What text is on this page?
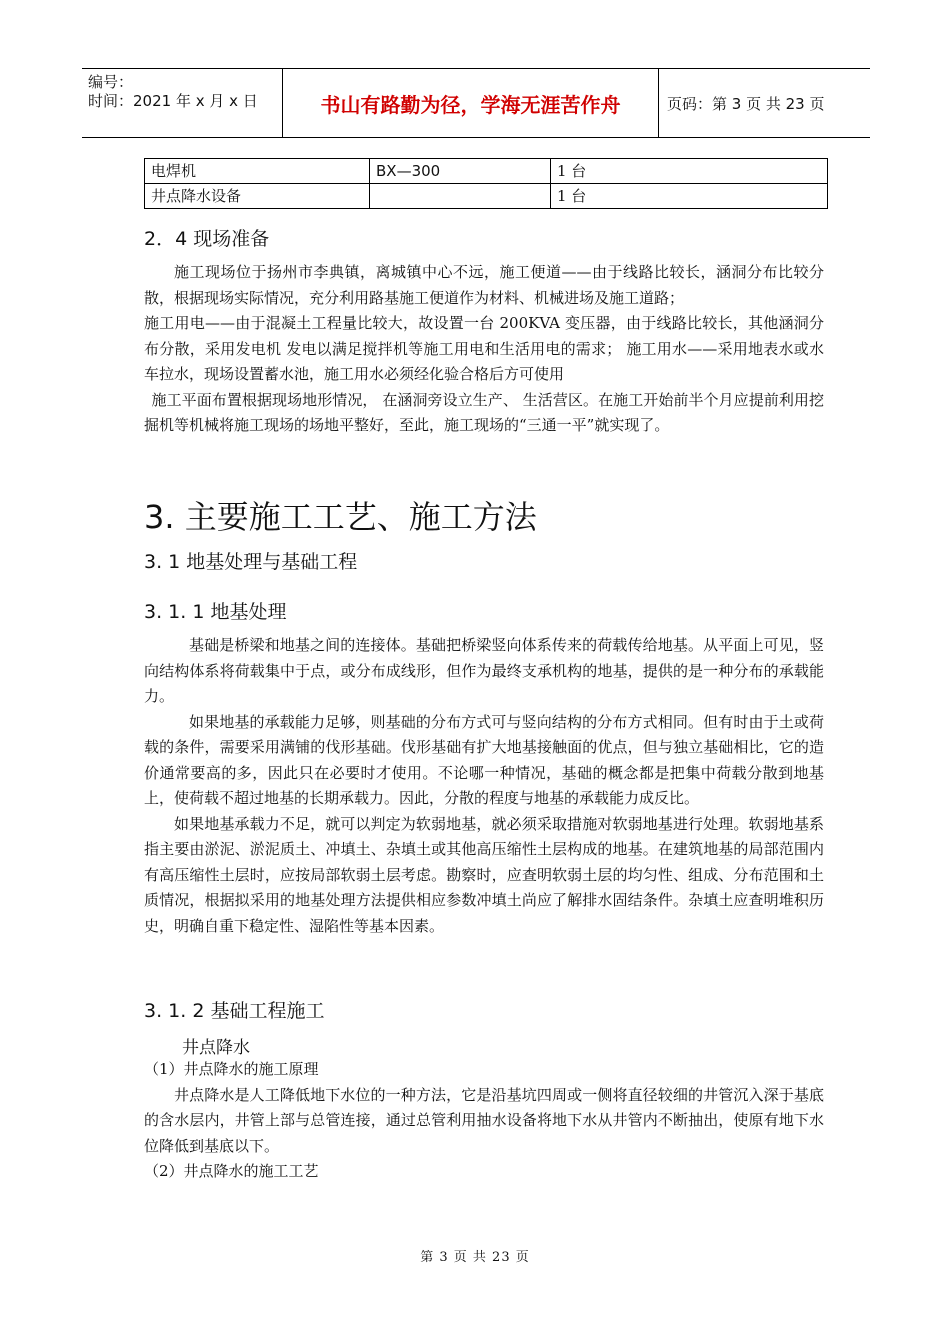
编号：
时间：2021 年 x 月 x 日	书山有路勤为径，学海无涯苦作舟	页码：第 3 页 共 23 页
电焊机	BX—300	1 台
井点降水设备		1 台
2．4 现场准备

施工现场位于扬州市李典镇，离城镇中心不远，施工便道——由于线路比较长，涵洞分布比较分散，根据现场实际情况，充分利用路基施工便道作为材料、机械进场及施工道路；

施工用电——由于混凝土工程量比较大，故设置一台 200KVA 变压器，由于线路比较长，其他涵洞分布分散，采用发电机 发电以满足搅拌机等施工用电和生活用电的需求； 施工用水——采用地表水或水车拉水，现场设置蓄水池，施工用水必须经化验合格后方可使用

施工平面布置根据现场地形情况， 在涵洞旁设立生产、 生活营区。在施工开始前半个月应提前利用挖掘机等机械将施工现场的场地平整好，至此，施工现场的“三通一平”就实现了。

3. 主要施工工艺、施工方法
3. 1 地基处理与基础工程
3. 1. 1 地基处理

基础是桥梁和地基之间的连接体。基础把桥梁竖向体系传来的荷载传给地基。从平面上可见，竖向结构体系将荷载集中于点，或分布成线形，但作为最终支承机构的地基，提供的是一种分布的承载能力。

如果地基的承载能力足够，则基础的分布方式可与竖向结构的分布方式相同。但有时由于土或荷载的条件，需要采用满铺的伐形基础。伐形基础有扩大地基接触面的优点，但与独立基础相比，它的造价通常要高的多，因此只在必要时才使用。不论哪一种情况，基础的概念都是把集中荷载分散到地基上，使荷载不超过地基的长期承载力。因此，分散的程度与地基的承载能力成反比。

如果地基承载力不足，就可以判定为软弱地基，就必须采取措施对软弱地基进行处理。软弱地基系指主要由淤泥、淤泥质土、冲填土、杂填土或其他高压缩性土层构成的地基。在建筑地基的局部范围内有高压缩性土层时，应按局部软弱土层考虑。勘察时，应查明软弱土层的均匀性、组成、分布范围和土质情况，根据拟采用的地基处理方法提供相应参数冲填土尚应了解排水固结条件。杂填土应查明堆积历史，明确自重下稳定性、湿陷性等基本因素。

3. 1. 2 基础工程施工
井点降水

（1）井点降水的施工原理

井点降水是人工降低地下水位的一种方法，它是沿基坑四周或一侧将直径较细的井管沉入深于基底的含水层内，井管上部与总管连接，通过总管利用抽水设备将地下水从井管内不断抽出，使原有地下水位降低到基底以下。

（2）井点降水的施工工艺

第 3 页 共 23 页
